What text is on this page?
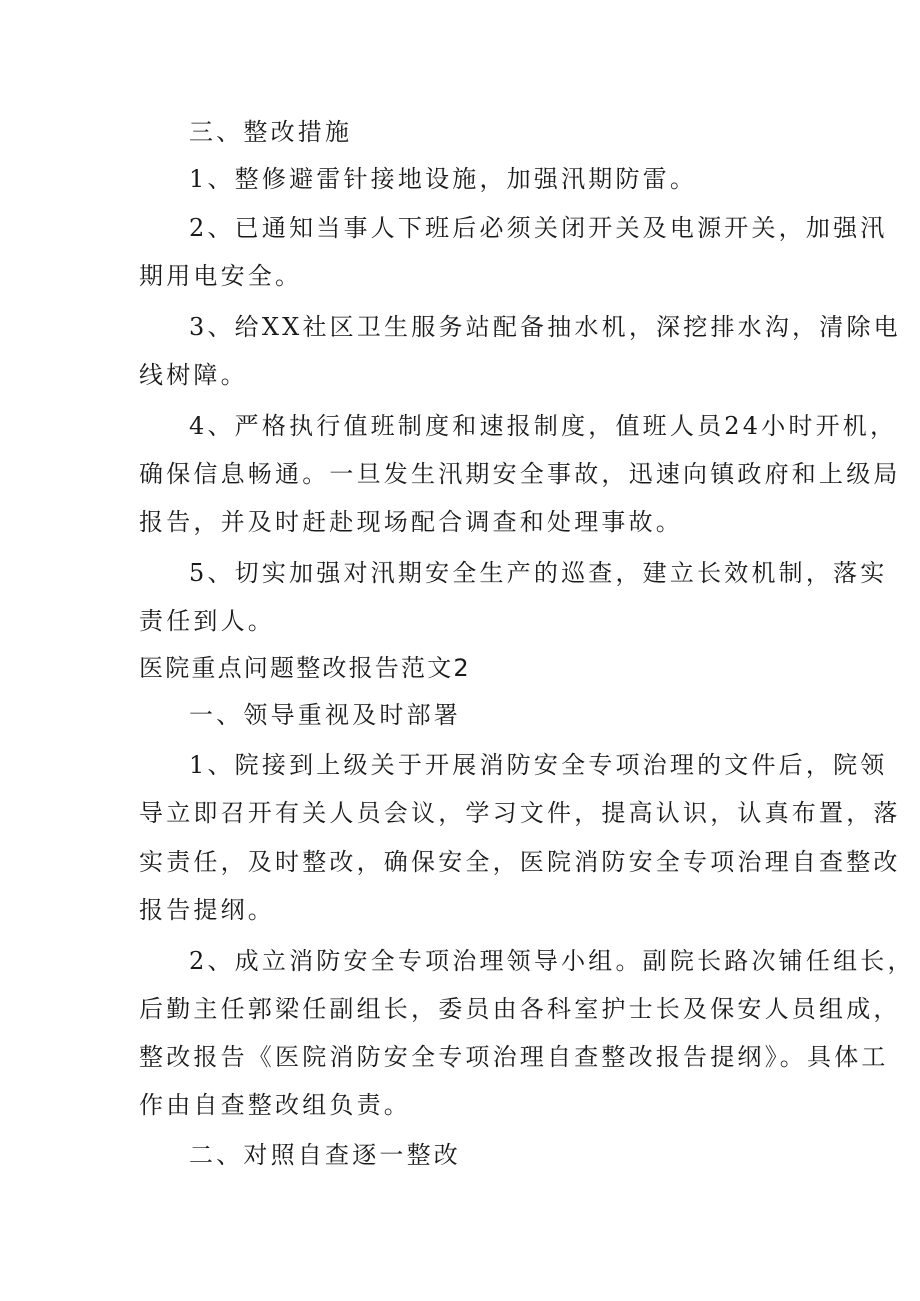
三、整改措施
1、整修避雷针接地设施，加强汛期防雷。
2、已通知当事人下班后必须关闭开关及电源开关，加强汛
期用电安全。
3、给XX社区卫生服务站配备抽水机，深挖排水沟，清除电
线树障。
4、严格执行值班制度和速报制度，值班人员24小时开机，
确保信息畅通。一旦发生汛期安全事故，迅速向镇政府和上级局
报告，并及时赶赴现场配合调查和处理事故。
5、切实加强对汛期安全生产的巡查，建立长效机制，落实
责任到人。
医院重点问题整改报告范文2
一、领导重视及时部署
1、院接到上级关于开展消防安全专项治理的文件后，院领
导立即召开有关人员会议，学习文件，提高认识，认真布置，落
实责任，及时整改，确保安全，医院消防安全专项治理自查整改
报告提纲。
2、成立消防安全专项治理领导小组。副院长路次铺任组长，
后勤主任郭梁任副组长，委员由各科室护士长及保安人员组成，
整改报告《医院消防安全专项治理自查整改报告提纲》。具体工
作由自查整改组负责。
二、对照自查逐一整改
